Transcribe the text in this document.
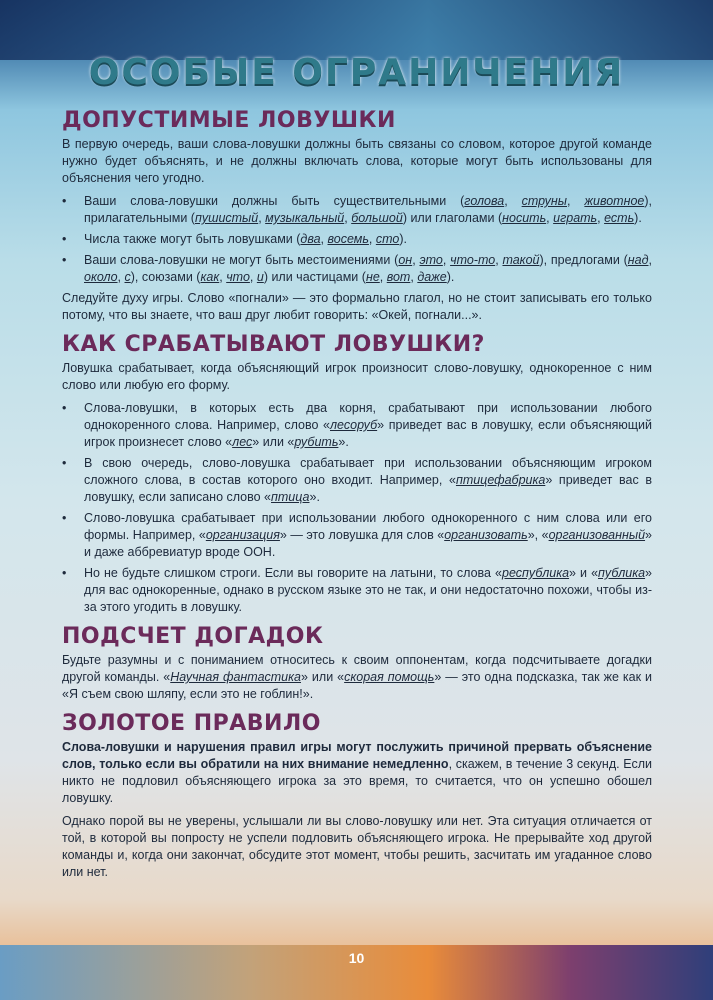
ОСОБЫЕ ОГРАНИЧЕНИЯ
ДОПУСТИМЫЕ ЛОВУШКИ

В первую очередь, ваши слова-ловушки должны быть связаны со словом, которое другой команде нужно будет объяснять, и не должны включать слова, которые могут быть использованы для объяснения чего угодно.

• Ваши слова-ловушки должны быть существительными (голова, струны, животное), прилагательными (пушистый, музыкальный, большой) или глаголами (носить, играть, есть).
• Числа также могут быть ловушками (два, восемь, сто).
• Ваши слова-ловушки не могут быть местоимениями (он, это, что-то, такой), предлогами (над, около, с), союзами (как, что, и) или частицами (не, вот, даже).

Следуйте духу игры. Слово «погнали» — это формально глагол, но не стоит записывать его только потому, что вы знаете, что ваш друг любит говорить: «Окей, погнали...».

КАК СРАБАТЫВАЮТ ЛОВУШКИ?

Ловушка срабатывает, когда объясняющий игрок произносит слово-ловушку, однокоренное с ним слово или любую его форму.

• Слова-ловушки, в которых есть два корня, срабатывают при использовании любого однокоренного слова. Например, слово «лесоруб» приведет вас в ловушку, если объясняющий игрок произнесет слово «лес» или «рубить».
• В свою очередь, слово-ловушка срабатывает при использовании объясняющим игроком сложного слова, в состав которого оно входит. Например, «птицефабрика» приведет вас в ловушку, если записано слово «птица».
• Слово-ловушка срабатывает при использовании любого однокоренного с ним слова или его формы. Например, «организация» — это ловушка для слов «организовать», «организованный» и даже аббревиатур вроде ООН.
• Но не будьте слишком строги. Если вы говорите на латыни, то слова «республика» и «публика» для вас однокоренные, однако в русском языке это не так, и они недостаточно похожи, чтобы из-за этого угодить в ловушку.
ПОДСЧЕТ ДОГАДОК

Будьте разумны и с пониманием относитесь к своим оппонентам, когда подсчитываете догадки другой команды. «Научная фантастика» или «скорая помощь» — это одна подсказка, так же как и «Я съем свою шляпу, если это не гоблин!».

ЗОЛОТОЕ ПРАВИЛО

Слова-ловушки и нарушения правил игры могут послужить причиной прервать объяснение слов, только если вы обратили на них внимание немедленно, скажем, в течение 3 секунд. Если никто не подловил объясняющего игрока за это время, то считается, что он успешно обошел ловушку.

Однако порой вы не уверены, услышали ли вы слово-ловушку или нет. Эта ситуация отличается от той, в которой вы попросту не успели подловить объясняющего игрока. Не прерывайте ход другой команды и, когда они закончат, обсудите этот момент, чтобы решить, засчитать им угаданное слово или нет.

10
